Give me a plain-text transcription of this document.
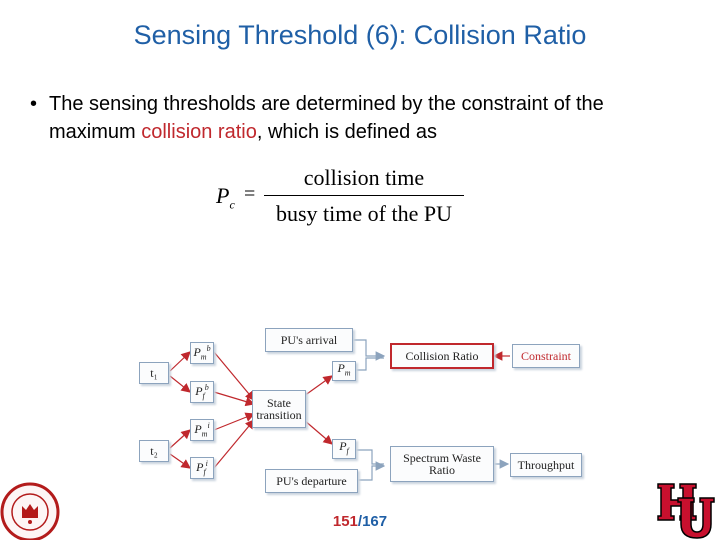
Sensing Threshold (6): Collision Ratio
• The sensing thresholds are determined by the constraint of the maximum collision ratio, which is defined as
$P_c$ =
collision time
busy time of the PU
PU's arrival
PU's departure
State transition
Collision Ratio	Constraint
Spectrum Waste Ratio	Throughput
t₁
t₂
$P_m^b$
$P_f^b$
$P_m^i$
$P_f^i$
$P_m$
$P_f$
151/167
